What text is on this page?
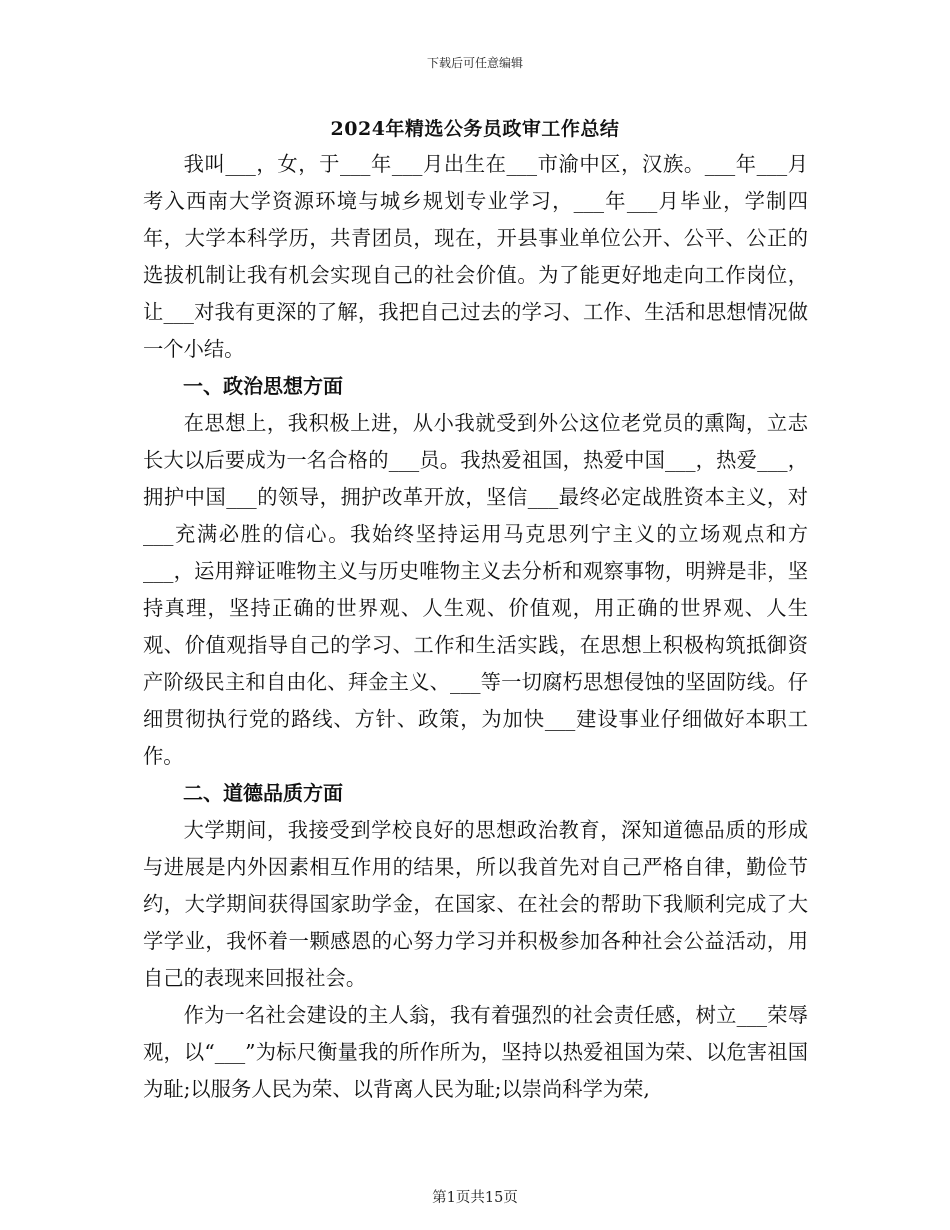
下载后可任意编辑
2024年精选公务员政审工作总结

我叫___，女，于___年___月出生在___市渝中区，汉族。___年___月考入西南大学资源环境与城乡规划专业学习，___年___月毕业，学制四年，大学本科学历，共青团员，现在，开县事业单位公开、公平、公正的选拔机制让我有机会实现自己的社会价值。为了能更好地走向工作岗位，让___对我有更深的了解，我把自己过去的学习、工作、生活和思想情况做一个小结。

一、政治思想方面

在思想上，我积极上进，从小我就受到外公这位老党员的熏陶，立志长大以后要成为一名合格的___员。我热爱祖国，热爱中国___，热爱___，拥护中国___的领导，拥护改革开放，坚信___最终必定战胜资本主义，对___充满必胜的信心。我始终坚持运用马克思列宁主义的立场观点和方___，运用辩证唯物主义与历史唯物主义去分析和观察事物，明辨是非，坚持真理，坚持正确的世界观、人生观、价值观，用正确的世界观、人生观、价值观指导自己的学习、工作和生活实践，在思想上积极构筑抵御资产阶级民主和自由化、拜金主义、___等一切腐朽思想侵蚀的坚固防线。仔细贯彻执行党的路线、方针、政策，为加快___建设事业仔细做好本职工作。

二、道德品质方面

大学期间，我接受到学校良好的思想政治教育，深知道德品质的形成与进展是内外因素相互作用的结果，所以我首先对自己严格自律，勤俭节约，大学期间获得国家助学金，在国家、在社会的帮助下我顺利完成了大学学业，我怀着一颗感恩的心努力学习并积极参加各种社会公益活动，用自己的表现来回报社会。

作为一名社会建设的主人翁，我有着强烈的社会责任感，树立___荣辱观，以“___”为标尺衡量我的所作所为，坚持以热爱祖国为荣、以危害祖国为耻;以服务人民为荣、以背离人民为耻;以崇尚科学为荣,

第1页共15页
